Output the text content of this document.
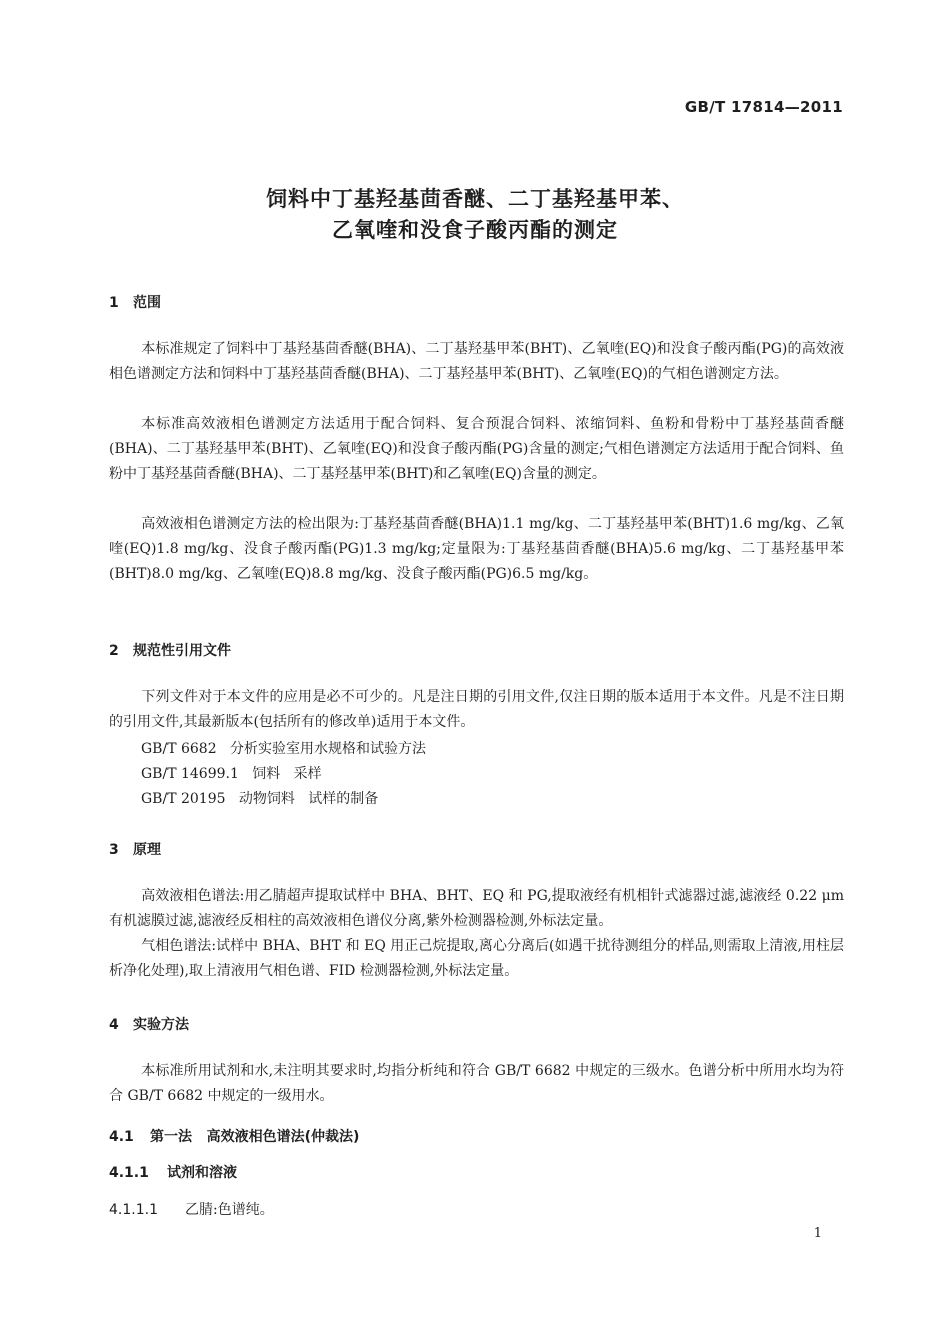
GB/T 17814—2011
饲料中丁基羟基茴香醚、二丁基羟基甲苯、
乙氧喹和没食子酸丙酯的测定
1 范围
本标准规定了饲料中丁基羟基茴香醚(BHA)、二丁基羟基甲苯(BHT)、乙氧喹(EQ)和没食子酸丙酯(PG)的高效液相色谱测定方法和饲料中丁基羟基茴香醚(BHA)、二丁基羟基甲苯(BHT)、乙氧喹(EQ)的气相色谱测定方法。
本标准高效液相色谱测定方法适用于配合饲料、复合预混合饲料、浓缩饲料、鱼粉和骨粉中丁基羟基茴香醚(BHA)、二丁基羟基甲苯(BHT)、乙氧喹(EQ)和没食子酸丙酯(PG)含量的测定;气相色谱测定方法适用于配合饲料、鱼粉中丁基羟基茴香醚(BHA)、二丁基羟基甲苯(BHT)和乙氧喹(EQ)含量的测定。
高效液相色谱测定方法的检出限为:丁基羟基茴香醚(BHA)1.1 mg/kg、二丁基羟基甲苯(BHT)1.6 mg/kg、乙氧喹(EQ)1.8 mg/kg、没食子酸丙酯(PG)1.3 mg/kg;定量限为:丁基羟基茴香醚(BHA)5.6 mg/kg、二丁基羟基甲苯(BHT)8.0 mg/kg、乙氧喹(EQ)8.8 mg/kg、没食子酸丙酯(PG)6.5 mg/kg。
2 规范性引用文件
下列文件对于本文件的应用是必不可少的。凡是注日期的引用文件,仅注日期的版本适用于本文件。凡是不注日期的引用文件,其最新版本(包括所有的修改单)适用于本文件。
GB/T 6682   分析实验室用水规格和试验方法
GB/T 14699.1   饲料   采样
GB/T 20195   动物饲料   试样的制备
3 原理
高效液相色谱法:用乙腈超声提取试样中 BHA、BHT、EQ 和 PG,提取液经有机相针式滤器过滤,滤液经 0.22 μm 有机滤膜过滤,滤液经反相柱的高效液相色谱仪分离,紫外检测器检测,外标法定量。
气相色谱法:试样中 BHA、BHT 和 EQ 用正己烷提取,离心分离后(如遇干扰待测组分的样品,则需取上清液,用柱层析净化处理),取上清液用气相色谱、FID 检测器检测,外标法定量。
4 实验方法
本标准所用试剂和水,未注明其要求时,均指分析纯和符合 GB/T 6682 中规定的三级水。色谱分析中所用水均为符合 GB/T 6682 中规定的一级用水。
4.1 第一法   高效液相色谱法(仲裁法)
4.1.1 试剂和溶液
4.1.1.1 乙腈:色谱纯。
1
